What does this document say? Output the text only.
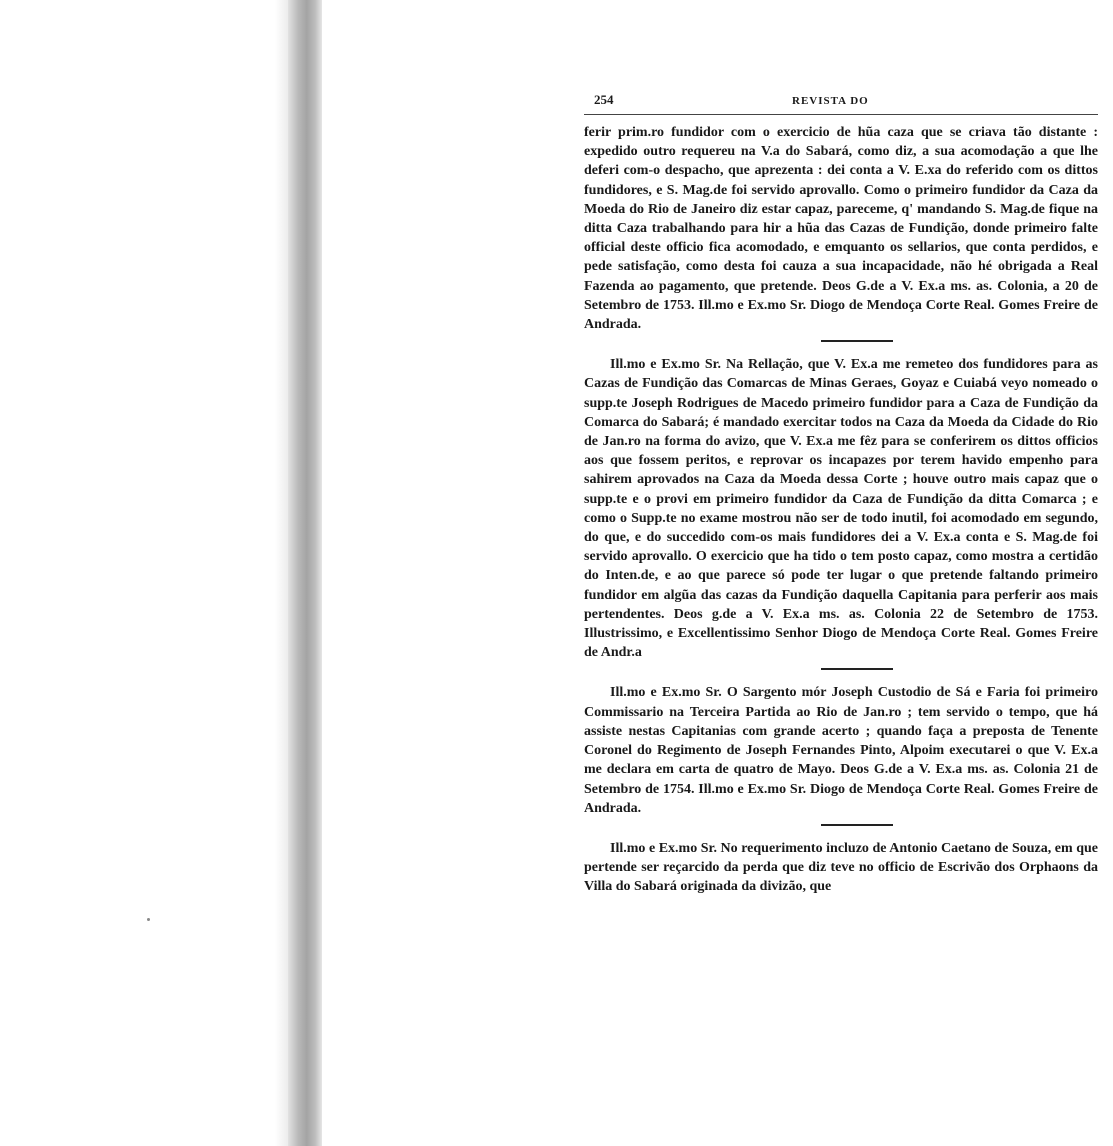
254	REVISTA DO

ferir prim.ro fundidor com o exercicio de hũa caza que se criava tão distante : expedido outro requereu na V.a do Sabará, como diz, a sua acomodação a que lhe deferi com-o despacho, que aprezenta : dei conta a V. E.xa do referido com os dittos fundidores, e S. Mag.de foi servido aprovallo. Como o primeiro fundidor da Caza da Moeda do Rio de Janeiro diz estar capaz, pareceme, q' mandando S. Mag.de fique na ditta Caza trabalhando para hir a hũa das Cazas de Fundição, donde primeiro falte official deste officio fica acomodado, e emquanto os sellarios, que conta perdidos, e pede satisfação, como desta foi cauza a sua incapacidade, não hé obrigada a Real Fazenda ao pagamento, que pretende. Deos G.de a V. Ex.a ms. as. Colonia, a 20 de Setembro de 1753. Ill.mo e Ex.mo Sr. Diogo de Mendoça Corte Real. Gomes Freire de Andrada.

Ill.mo e Ex.mo Sr. Na Rellação, que V. Ex.a me remeteo dos fundidores para as Cazas de Fundição das Comarcas de Minas Geraes, Goyaz e Cuiabá veyo nomeado o supp.te Joseph Rodrigues de Macedo primeiro fundidor para a Caza de Fundição da Comarca do Sabará; é mandado exercitar todos na Caza da Moeda da Cidade do Rio de Jan.ro na forma do avizo, que V. Ex.a me fêz para se conferirem os dittos officios aos que fossem peritos, e reprovar os incapazes por terem havido empenho para sahirem aprovados na Caza da Moeda dessa Corte ; houve outro mais capaz que o supp.te e o provi em primeiro fundidor da Caza de Fundição da ditta Comarca ; e como o Supp.te no exame mostrou não ser de todo inutil, foi acomodado em segundo, do que, e do succedido com-os mais fundidores dei a V. Ex.a conta e S. Mag.de foi servido aprovallo. O exercicio que ha tido o tem posto capaz, como mostra a certidão do Inten.de, e ao que parece só pode ter lugar o que pretende faltando primeiro fundidor em algũa das cazas da Fundição daquella Capitania para perferir aos mais pertendentes. Deos g.de a V. Ex.a ms. as. Colonia 22 de Setembro de 1753. Illustrissimo, e Excellentissimo Senhor Diogo de Mendoça Corte Real. Gomes Freire de Andr.a

Ill.mo e Ex.mo Sr. O Sargento mór Joseph Custodio de Sá e Faria foi primeiro Commissario na Terceira Partida ao Rio de Jan.ro ; tem servido o tempo, que há assiste nestas Capitanias com grande acerto ; quando faça a preposta de Tenente Coronel do Regimento de Joseph Fernandes Pinto, Alpoim executarei o que V. Ex.a me declara em carta de quatro de Mayo. Deos G.de a V. Ex.a ms. as. Colonia 21 de Setembro de 1754. Ill.mo e Ex.mo Sr. Diogo de Mendoça Corte Real. Gomes Freire de Andrada.

Ill.mo e Ex.mo Sr. No requerimento incluzo de Antonio Caetano de Souza, em que pertende ser reçarcido da perda que diz teve no officio de Escrivão dos Orphaons da Villa do Sabará originada da divizão, que
